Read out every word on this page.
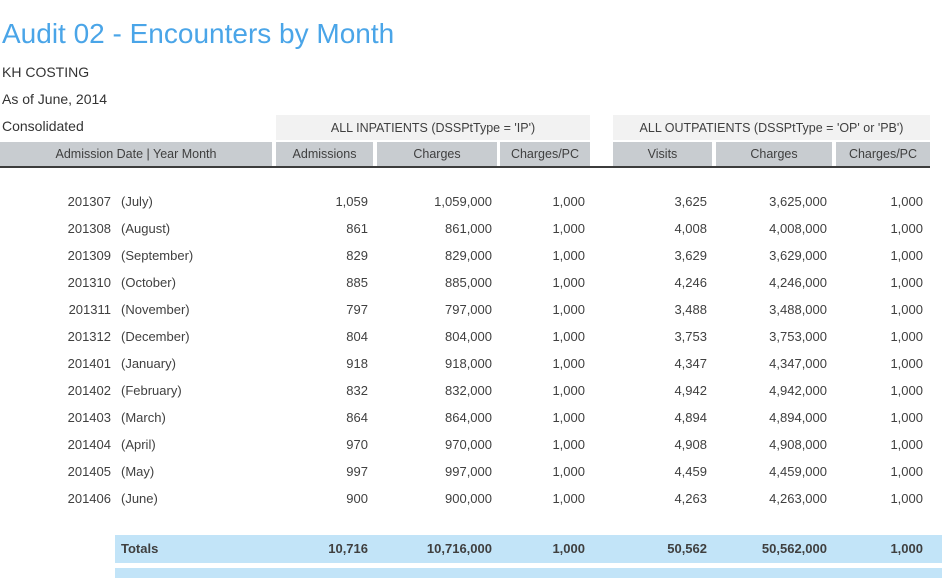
Audit 02 - Encounters by Month
KH COSTING
As of June, 2014
Consolidated	ALL INPATIENTS (DSSPtType = 'IP')	ALL OUTPATIENTS (DSSPtType = 'OP' or 'PB')
Admission Date | Year Month	Admissions	Charges	Charges/PC	Visits	Charges	Charges/PC
201307 (July)	1,059	1,059,000	1,000	3,625	3,625,000	1,000
201308 (August)	861	861,000	1,000	4,008	4,008,000	1,000
201309 (September)	829	829,000	1,000	3,629	3,629,000	1,000
201310 (October)	885	885,000	1,000	4,246	4,246,000	1,000
201311 (November)	797	797,000	1,000	3,488	3,488,000	1,000
201312 (December)	804	804,000	1,000	3,753	3,753,000	1,000
201401 (January)	918	918,000	1,000	4,347	4,347,000	1,000
201402 (February)	832	832,000	1,000	4,942	4,942,000	1,000
201403 (March)	864	864,000	1,000	4,894	4,894,000	1,000
201404 (April)	970	970,000	1,000	4,908	4,908,000	1,000
201405 (May)	997	997,000	1,000	4,459	4,459,000	1,000
201406 (June)	900	900,000	1,000	4,263	4,263,000	1,000
Totals	10,716	10,716,000	1,000	50,562	50,562,000	1,000
